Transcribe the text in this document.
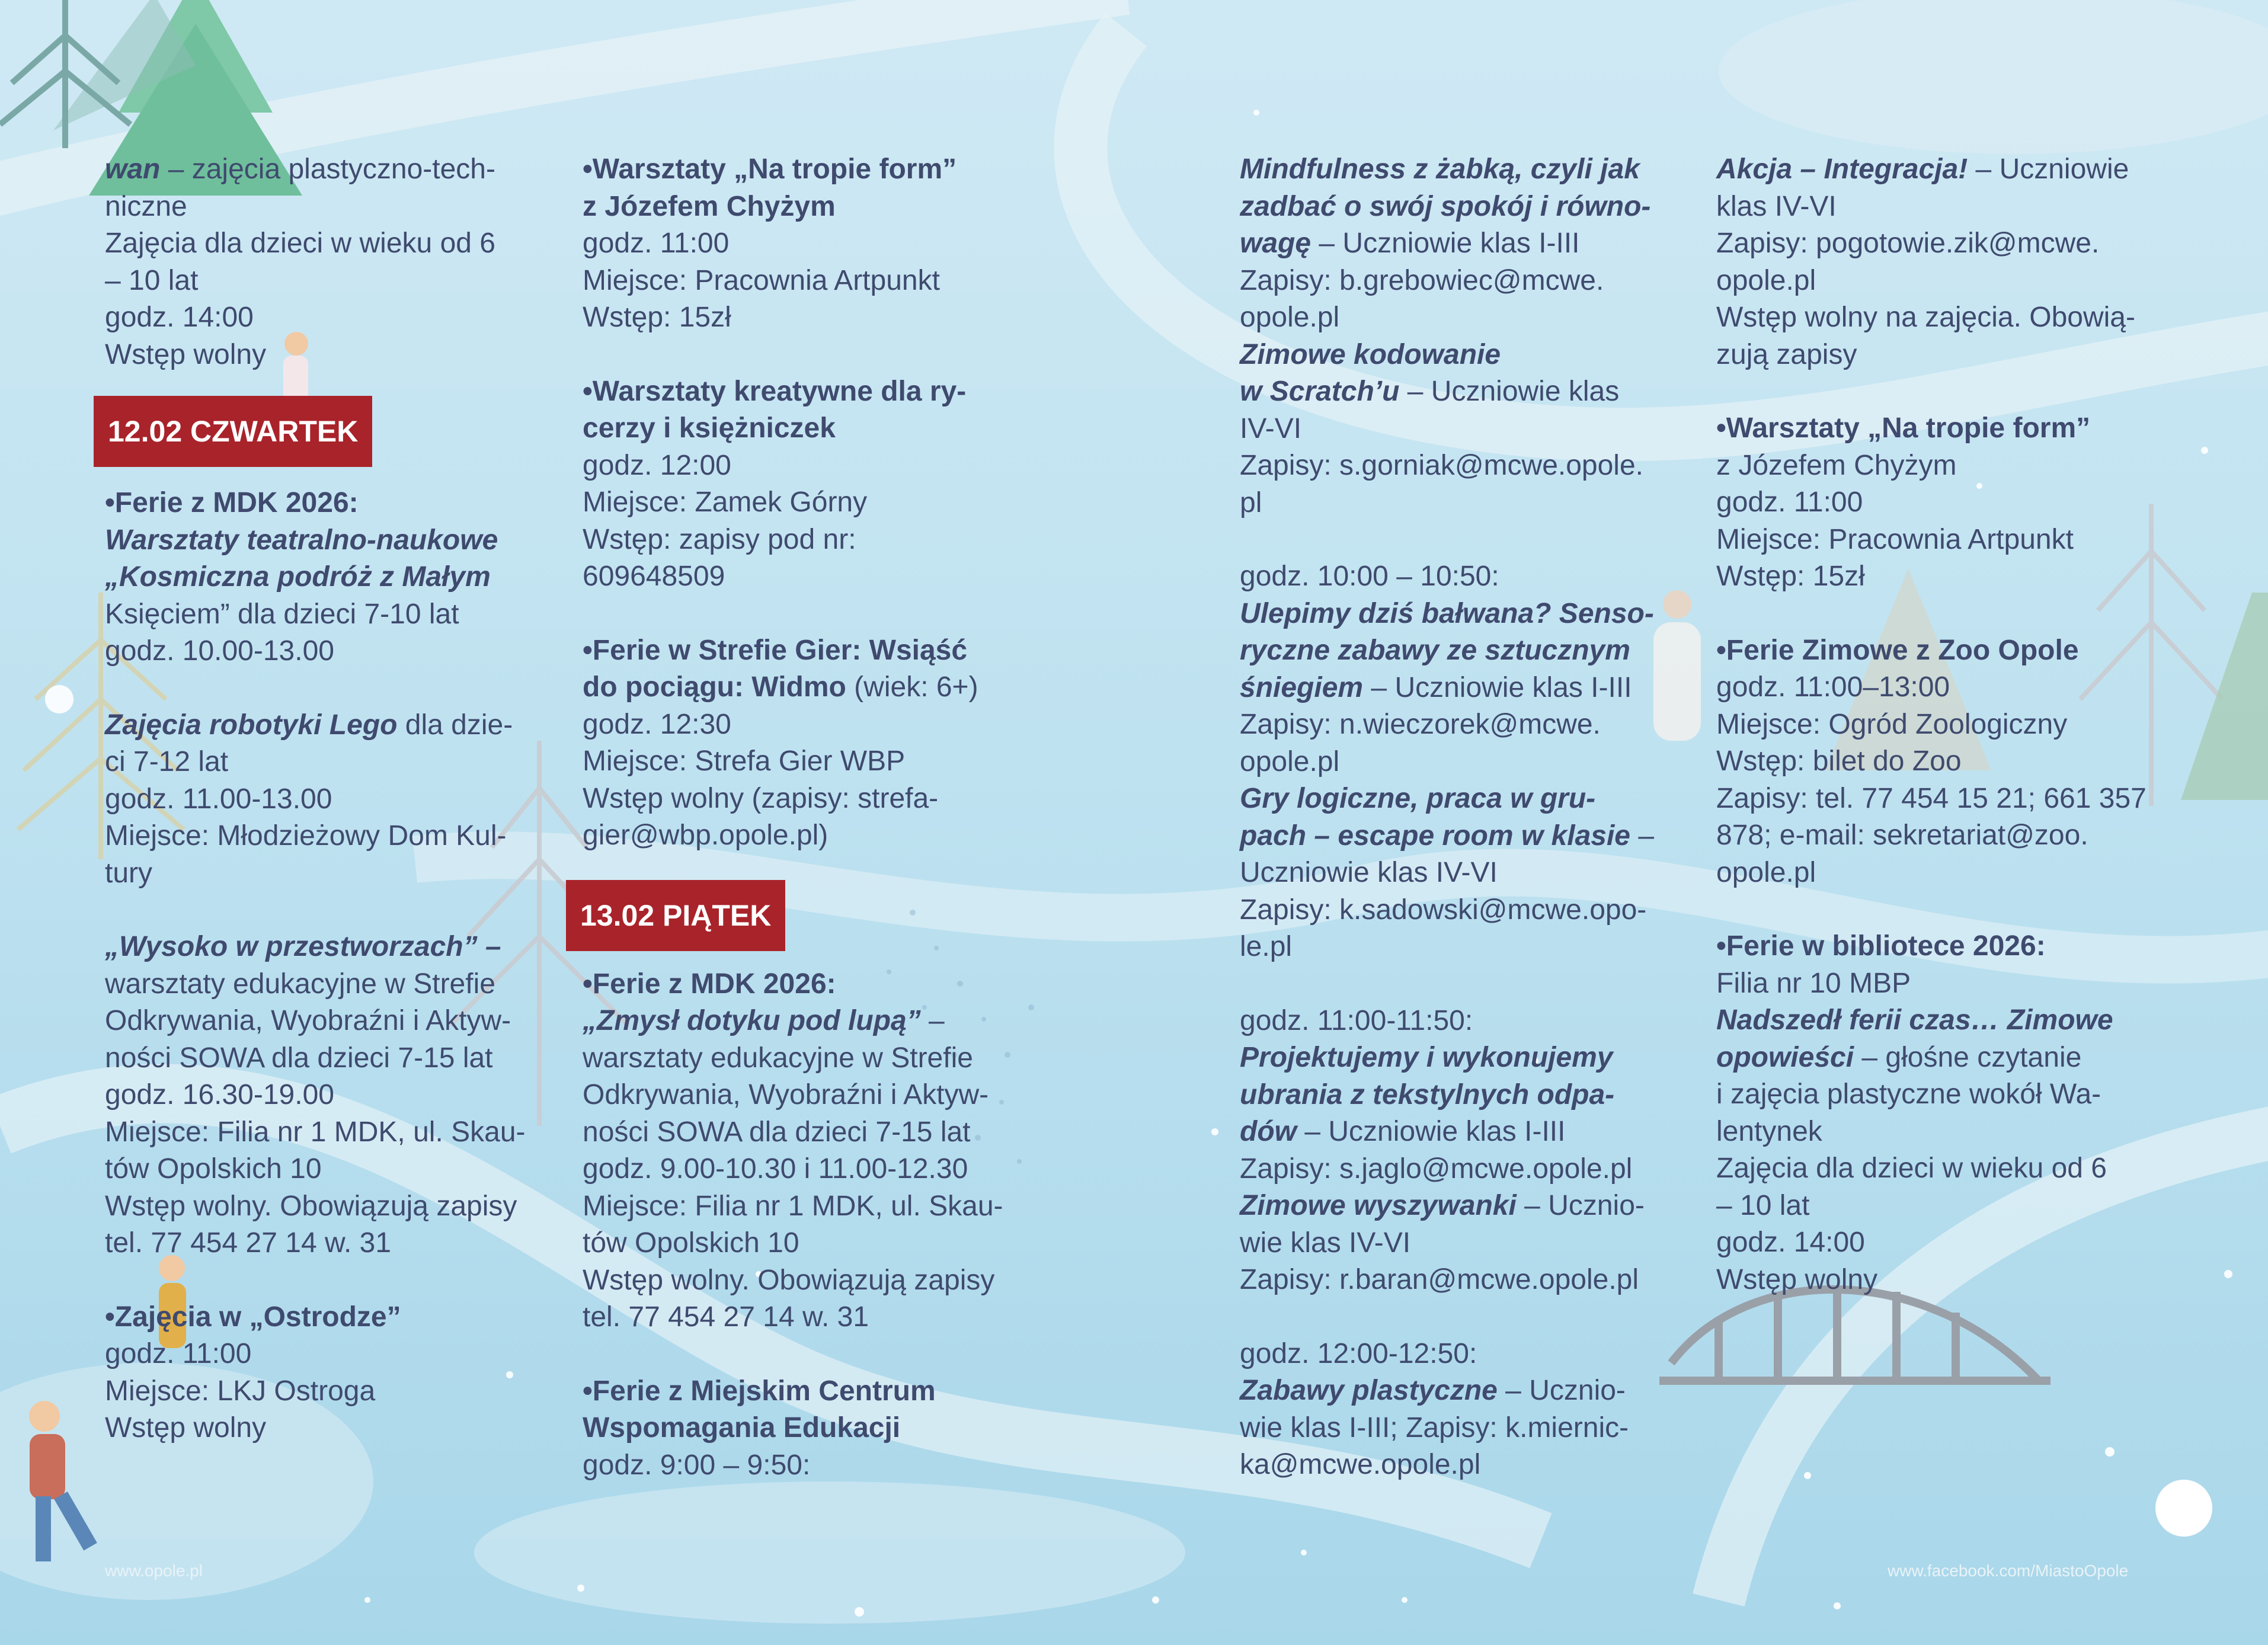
12.02 CZWARTEK
13.02 PIĄTEK

wan – zajęcia plastyczno-tech-

niczne

Zajęcia dla dzieci w wieku od 6

– 10 lat

godz. 14:00

Wstęp wolny

•Ferie z MDK 2026:

Warsztaty teatralno-naukowe

„Kosmiczna podróż z Małym

Księciem” dla dzieci 7-10 lat

godz. 10.00-13.00

Zajęcia robotyki Lego dla dzie-

ci 7-12 lat

godz. 11.00-13.00

Miejsce: Młodzieżowy Dom Kul-

tury

„Wysoko w przestworzach” –

warsztaty edukacyjne w Strefie

Odkrywania, Wyobraźni i Aktyw-

ności SOWA dla dzieci 7-15 lat

godz. 16.30-19.00

Miejsce: Filia nr 1 MDK, ul. Skau-

tów Opolskich 10

Wstęp wolny. Obowiązują zapisy

tel. 77 454 27 14 w. 31

•Zajęcia w „Ostrodze”

godz. 11:00

Miejsce: LKJ Ostroga

Wstęp wolny

•Warsztaty „Na tropie form”

z Józefem Chyżym

godz. 11:00

Miejsce: Pracownia Artpunkt

Wstęp: 15zł

•Warsztaty kreatywne dla ry-

cerzy i księżniczek

godz. 12:00

Miejsce: Zamek Górny

Wstęp: zapisy pod nr:

609648509

•Ferie w Strefie Gier: Wsiąść

do pociągu: Widmo (wiek: 6+)

godz. 12:30

Miejsce: Strefa Gier WBP

Wstęp wolny (zapisy: strefa-

gier@wbp.opole.pl)

•Ferie z MDK 2026:

„Zmysł dotyku pod lupą” –

warsztaty edukacyjne w Strefie

Odkrywania, Wyobraźni i Aktyw-

ności SOWA dla dzieci 7-15 lat

godz. 9.00-10.30 i 11.00-12.30

Miejsce: Filia nr 1 MDK, ul. Skau-

tów Opolskich 10

Wstęp wolny. Obowiązują zapisy

tel. 77 454 27 14 w. 31

•Ferie z Miejskim Centrum

Wspomagania Edukacji

godz. 9:00 – 9:50:

Mindfulness z żabką, czyli jak

zadbać o swój spokój i równo-

wagę – Uczniowie klas I-III

Zapisy: b.grebowiec@mcwe.

opole.pl

Zimowe kodowanie

w Scratch’u – Uczniowie klas

IV-VI

Zapisy: s.gorniak@mcwe.opole.

pl

godz. 10:00 – 10:50:

Ulepimy dziś bałwana? Senso-

ryczne zabawy ze sztucznym

śniegiem – Uczniowie klas I-III

Zapisy: n.wieczorek@mcwe.

opole.pl

Gry logiczne, praca w gru-

pach – escape room w klasie –

Uczniowie klas IV-VI

Zapisy: k.sadowski@mcwe.opo-

le.pl

godz. 11:00-11:50:

Projektujemy i wykonujemy

ubrania z tekstylnych odpa-

dów – Uczniowie klas I-III

Zapisy: s.jaglo@mcwe.opole.pl

Zimowe wyszywanki – Ucznio-

wie klas IV-VI

Zapisy: r.baran@mcwe.opole.pl

godz. 12:00-12:50:

Zabawy plastyczne – Ucznio-

wie klas I-III; Zapisy: k.miernic-

ka@mcwe.opole.pl

Akcja – Integracja! – Uczniowie

klas IV-VI

Zapisy: pogotowie.zik@mcwe.

opole.pl

Wstęp wolny na zajęcia. Obowią-

zują zapisy

•Warsztaty „Na tropie form”

z Józefem Chyżym

godz. 11:00

Miejsce: Pracownia Artpunkt

Wstęp: 15zł

•Ferie Zimowe z Zoo Opole

godz. 11:00–13:00

Miejsce: Ogród Zoologiczny

Wstęp: bilet do Zoo

Zapisy: tel. 77 454 15 21; 661 357

878; e-mail: sekretariat@zoo.

opole.pl

•Ferie w bibliotece 2026:

Filia nr 10 MBP

Nadszedł ferii czas… Zimowe

opowieści – głośne czytanie

i zajęcia plastyczne wokół Wa-

lentynek

Zajęcia dla dzieci w wieku od 6

– 10 lat

godz. 14:00

Wstęp wolny

www.opole.pl	www.facebook.com/MiastoOpole
